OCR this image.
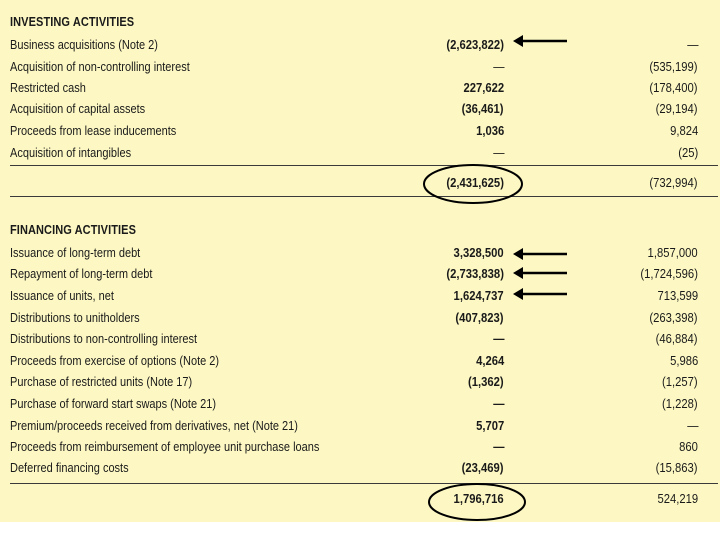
INVESTING ACTIVITIES
Business acquisitions (Note 2)	(2,623,822)	—
Acquisition of non-controlling interest	—	(535,199)
Restricted cash	227,622	(178,400)
Acquisition of capital assets	(36,461)	(29,194)
Proceeds from lease inducements	1,036	9,824
Acquisition of intangibles	—	(25)
(2,431,625)	(732,994)
FINANCING ACTIVITIES
Issuance of long-term debt	3,328,500	1,857,000
Repayment of long-term debt	(2,733,838)	(1,724,596)
Issuance of units, net	1,624,737	713,599
Distributions to unitholders	(407,823)	(263,398)
Distributions to non-controlling interest	—	(46,884)
Proceeds from exercise of options (Note 2)	4,264	5,986
Purchase of restricted units (Note 17)	(1,362)	(1,257)
Purchase of forward start swaps (Note 21)	—	(1,228)
Premium/proceeds received from derivatives, net (Note 21)	5,707	—
Proceeds from reimbursement of employee unit purchase loans	—	860
Deferred financing costs	(23,469)	(15,863)
1,796,716	524,219
